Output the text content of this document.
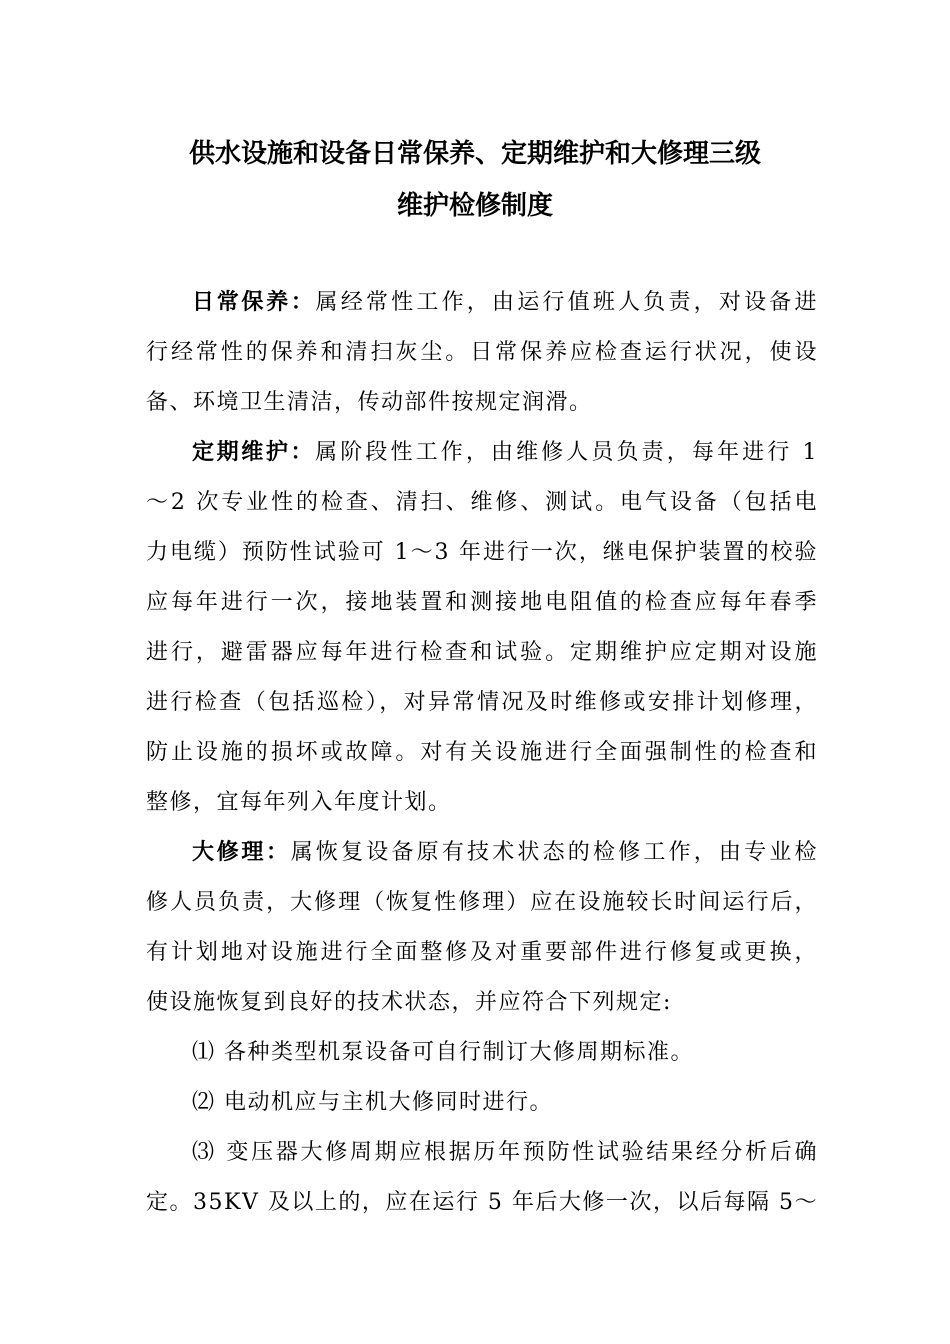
供水设施和设备日常保养、定期维护和大修理三级
维护检修制度
日常保养：属经常性工作，由运行值班人负责，对设备进
行经常性的保养和清扫灰尘。日常保养应检查运行状况，使设
备、环境卫生清洁，传动部件按规定润滑。
定期维护：属阶段性工作，由维修人员负责，每年进行 1
～2 次专业性的检查、清扫、维修、测试。电气设备（包括电
力电缆）预防性试验可 1～3 年进行一次，继电保护装置的校验
应每年进行一次，接地装置和测接地电阻值的检查应每年春季
进行，避雷器应每年进行检查和试验。定期维护应定期对设施
进行检查（包括巡检），对异常情况及时维修或安排计划修理，
防止设施的损坏或故障。对有关设施进行全面强制性的检查和
整修，宜每年列入年度计划。
大修理：属恢复设备原有技术状态的检修工作，由专业检
修人员负责，大修理（恢复性修理）应在设施较长时间运行后，
有计划地对设施进行全面整修及对重要部件进行修复或更换，
使设施恢复到良好的技术状态，并应符合下列规定:
⑴ 各种类型机泵设备可自行制订大修周期标准。
⑵ 电动机应与主机大修同时进行。
⑶ 变压器大修周期应根据历年预防性试验结果经分析后确
定。35KV 及以上的，应在运行 5 年后大修一次，以后每隔 5～
